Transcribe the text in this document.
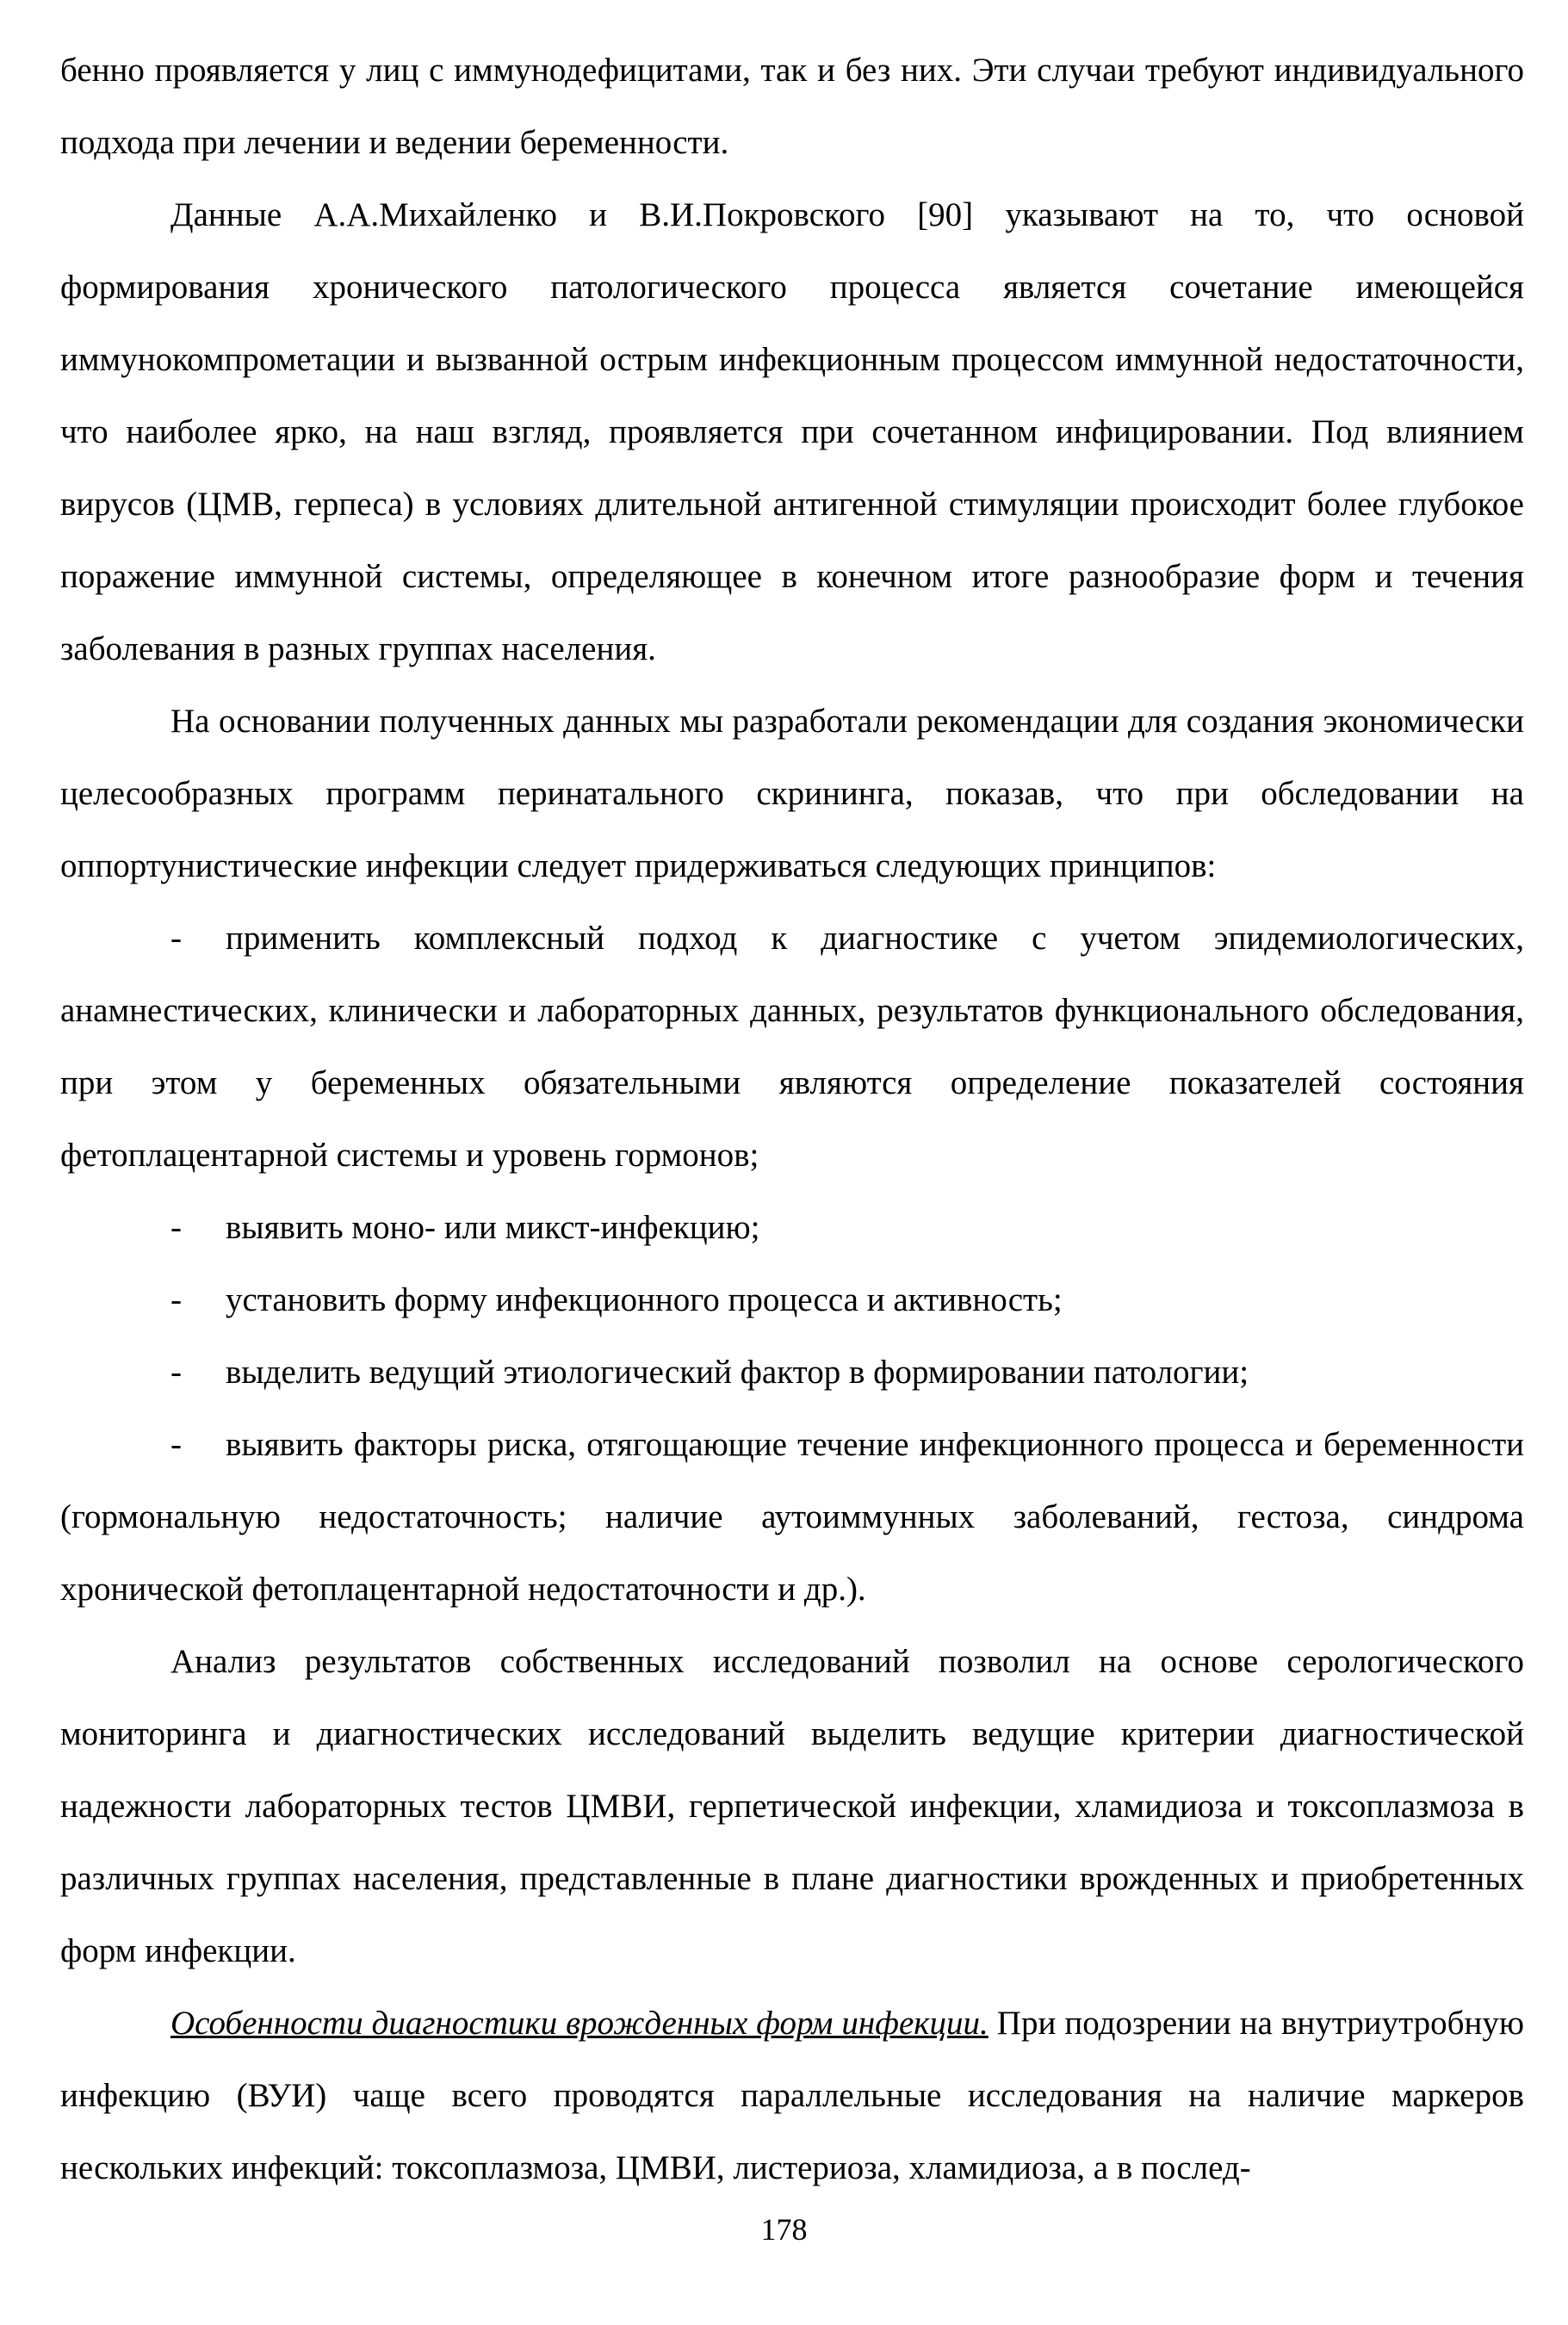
бенно проявляется у лиц с иммунодефицитами, так и без них. Эти случаи требуют индивидуального подхода при лечении и ведении беременности.

Данные А.А.Михайленко и В.И.Покровского [90] указывают на то, что основой формирования хронического патологического процесса является сочетание имеющейся иммунокомпрометации и вызванной острым инфекционным процессом иммунной недостаточности, что наиболее ярко, на наш взгляд, проявляется при сочетанном инфицировании. Под влиянием вирусов (ЦМВ, герпеса) в условиях длительной антигенной стимуляции происходит более глубокое поражение иммунной системы, определяющее в конечном итоге разнообразие форм и течения заболевания в разных группах населения.

На основании полученных данных мы разработали рекомендации для создания экономически целесообразных программ перинатального скрининга, показав, что при обследовании на оппортунистические инфекции следует придерживаться следующих принципов:

- применить комплексный подход к диагностике с учетом эпидемиологических, анамнестических, клинически и лабораторных данных, результатов функционального обследования, при этом у беременных обязательными являются определение показателей состояния фетоплацентарной системы и уровень гормонов;

- выявить моно- или микст-инфекцию;

- установить форму инфекционного процесса и активность;

- выделить ведущий этиологический фактор в формировании патологии;

- выявить факторы риска, отягощающие течение инфекционного процесса и беременности (гормональную недостаточность; наличие аутоиммунных заболеваний, гестоза, синдрома хронической фетоплацентарной недостаточности и др.).

Анализ результатов собственных исследований позволил на основе серологического мониторинга и диагностических исследований выделить ведущие критерии диагностической надежности лабораторных тестов ЦМВИ, герпетической инфекции, хламидиоза и токсоплазмоза в различных группах населения, представленные в плане диагностики врожденных и приобретенных форм инфекции.

Особенности диагностики врожденных форм инфекции. При подозрении на внутриутробную инфекцию (ВУИ) чаще всего проводятся параллельные исследования на наличие маркеров нескольких инфекций: токсоплазмоза, ЦМВИ, листериоза, хламидиоза, а в послед-

178
